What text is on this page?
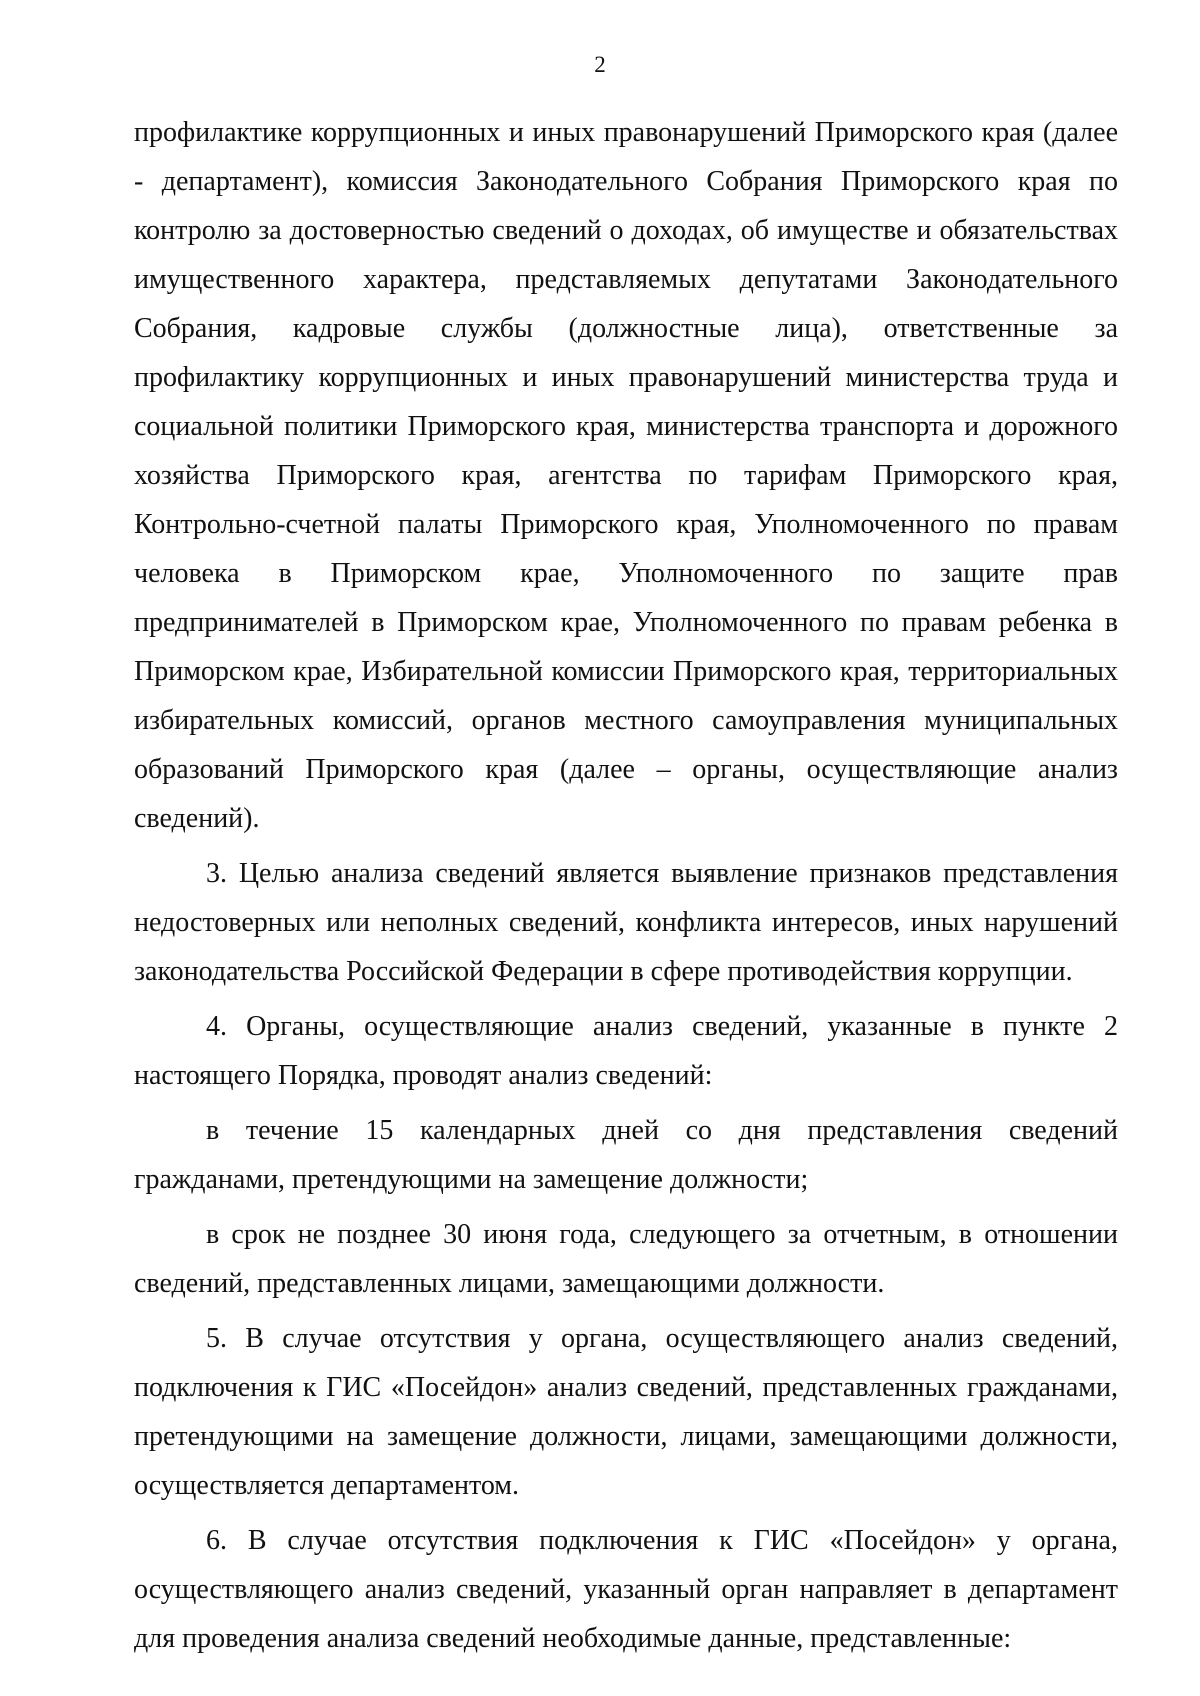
2

профилактике коррупционных и иных правонарушений Приморского края (далее - департамент), комиссия Законодательного Собрания Приморского края по контролю за достоверностью сведений о доходах, об имуществе и обязательствах имущественного характера, представляемых депутатами Законодательного Собрания, кадровые службы (должностные лица), ответственные за профилактику коррупционных и иных правонарушений министерства труда и социальной политики Приморского края, министерства транспорта и дорожного хозяйства Приморского края, агентства по тарифам Приморского края, Контрольно-счетной палаты Приморского края, Уполномоченного по правам человека в Приморском крае, Уполномоченного по защите прав предпринимателей в Приморском крае, Уполномоченного по правам ребенка в Приморском крае, Избирательной комиссии Приморского края, территориальных избирательных комиссий, органов местного самоуправления муниципальных образований Приморского края (далее – органы, осуществляющие анализ сведений).

3. Целью анализа сведений является выявление признаков представления недостоверных или неполных сведений, конфликта интересов, иных нарушений законодательства Российской Федерации в сфере противодействия коррупции.

4. Органы, осуществляющие анализ сведений, указанные в пункте 2 настоящего Порядка, проводят анализ сведений:

в течение 15 календарных дней со дня представления сведений гражданами, претендующими на замещение должности;

в срок не позднее 30 июня года, следующего за отчетным, в отношении сведений, представленных лицами, замещающими должности.

5. В случае отсутствия у органа, осуществляющего анализ сведений, подключения к ГИС «Посейдон» анализ сведений, представленных гражданами, претендующими на замещение должности, лицами, замещающими должности, осуществляется департаментом.

6. В случае отсутствия подключения к ГИС «Посейдон» у органа, осуществляющего анализ сведений, указанный орган направляет в департамент для проведения анализа сведений необходимые данные, представленные:
